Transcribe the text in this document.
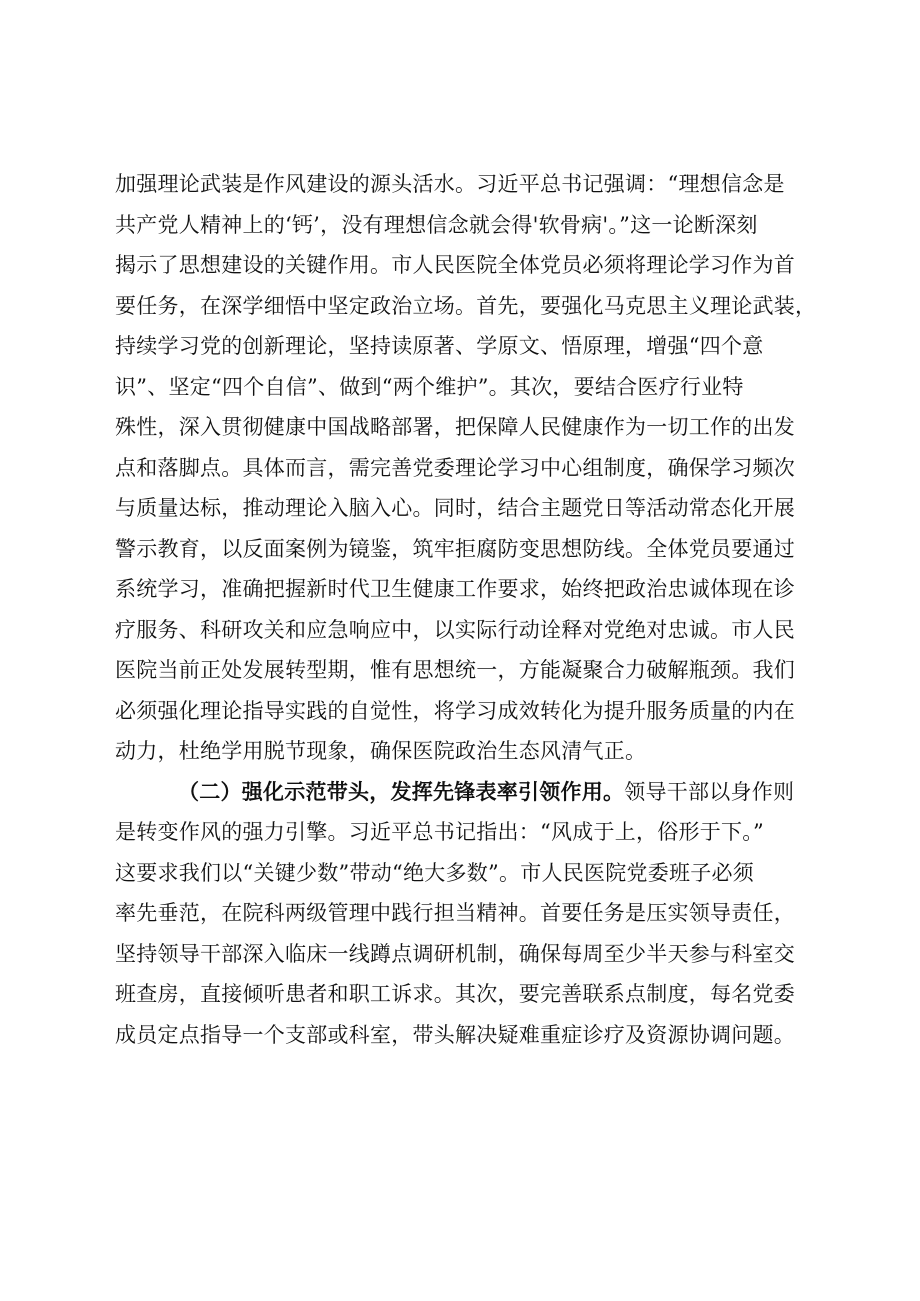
加强理论武装是作风建设的源头活水。习近平总书记强调：“理想信念是
共产党人精神上的‘钙’，没有理想信念就会得'软骨病'。”这一论断深刻
揭示了思想建设的关键作用。市人民医院全体党员必须将理论学习作为首
要任务，在深学细悟中坚定政治立场。首先，要强化马克思主义理论武装，
持续学习党的创新理论，坚持读原著、学原文、悟原理，增强“四个意
识”、坚定“四个自信”、做到“两个维护”。其次，要结合医疗行业特
殊性，深入贯彻健康中国战略部署，把保障人民健康作为一切工作的出发
点和落脚点。具体而言，需完善党委理论学习中心组制度，确保学习频次
与质量达标，推动理论入脑入心。同时，结合主题党日等活动常态化开展
警示教育，以反面案例为镜鉴，筑牢拒腐防变思想防线。全体党员要通过
系统学习，准确把握新时代卫生健康工作要求，始终把政治忠诚体现在诊
疗服务、科研攻关和应急响应中，以实际行动诠释对党绝对忠诚。市人民
医院当前正处发展转型期，惟有思想统一，方能凝聚合力破解瓶颈。我们
必须强化理论指导实践的自觉性，将学习成效转化为提升服务质量的内在
动力，杜绝学用脱节现象，确保医院政治生态风清气正。
（二）强化示范带头，发挥先锋表率引领作用。领导干部以身作则
是转变作风的强力引擎。习近平总书记指出：“风成于上，俗形于下。”
这要求我们以“关键少数”带动“绝大多数”。市人民医院党委班子必须
率先垂范，在院科两级管理中践行担当精神。首要任务是压实领导责任，
坚持领导干部深入临床一线蹲点调研机制，确保每周至少半天参与科室交
班查房，直接倾听患者和职工诉求。其次，要完善联系点制度，每名党委
成员定点指导一个支部或科室，带头解决疑难重症诊疗及资源协调问题。
